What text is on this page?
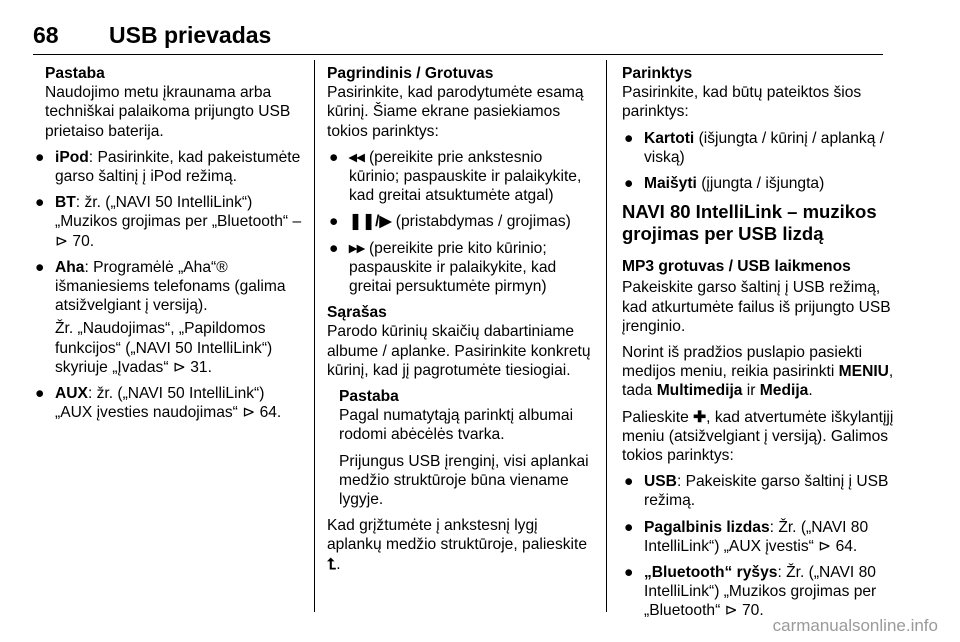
68 USB prievadas
Pastaba

Naudojimo metu įkraunama arba techniškai palaikoma prijungto USB prietaiso baterija.

● iPod: Pasirinkite, kad pakeistumėte garso šaltinį į iPod režimą.
● BT: žr. („NAVI 50 IntelliLink“) „Muzikos grojimas per „Bluetooth“ – ⊳ 70.
● Aha: Programėlė „Aha“® išmaniesiems telefonams (galima atsižvelgiant į versiją).

Žr. „Naudojimas“, „Papildomos funkcijos“ („NAVI 50 IntelliLink“) skyriuje „Įvadas“ ⊳ 31.

● AUX: žr. („NAVI 50 IntelliLink“) „AUX įvesties naudojimas“ ⊳ 64.
Pagrindinis / Grotuvas

Pasirinkite, kad parodytumėte esamą kūrinį. Šiame ekrane pasiekiamos tokios parinktys:

● ◂◂ (pereikite prie ankstesnio kūrinio; paspauskite ir palaikykite, kad greitai atsuktumėte atgal)
● ❚❚/▶ (pristabdymas / grojimas)
● ▸▸ (pereikite prie kito kūrinio; paspauskite ir palaikykite, kad greitai persuktumėte pirmyn)
Sąrašas

Parodo kūrinių skaičių dabartiniame albume / aplanke. Pasirinkite konkretų kūrinį, kad jį pagrotumėte tiesiogiai.

Pastaba

Pagal numatytąją parinktį albumai rodomi abėcėlės tvarka.

Prijungus USB įrenginį, visi aplankai medžio struktūroje būna viename lygyje.

Kad grįžtumėte į ankstesnį lygį aplankų medžio struktūroje, palieskite ⮤.

Parinktys

Pasirinkite, kad būtų pateiktos šios parinktys:

● Kartoti (išjungta / kūrinį / aplanką / viską)
● Maišyti (įjungta / išjungta)
NAVI 80 IntelliLink – muzikos grojimas per USB lizdą
MP3 grotuvas / USB laikmenos

Pakeiskite garso šaltinį į USB režimą, kad atkurtumėte failus iš prijungto USB įrenginio.

Norint iš pradžios puslapio pasiekti medijos meniu, reikia pasirinkti MENIU, tada Multimedija ir Medija.

Palieskite ✚, kad atvertumėte iškylantįjį meniu (atsižvelgiant į versiją). Galimos tokios parinktys:

● USB: Pakeiskite garso šaltinį į USB režimą.
● Pagalbinis lizdas: Žr. („NAVI 80 IntelliLink“) „AUX įvestis“ ⊳ 64.
● „Bluetooth“ ryšys: Žr. („NAVI 80 IntelliLink“) „Muzikos grojimas per „Bluetooth“ ⊳ 70.
carmanualsonline.info
